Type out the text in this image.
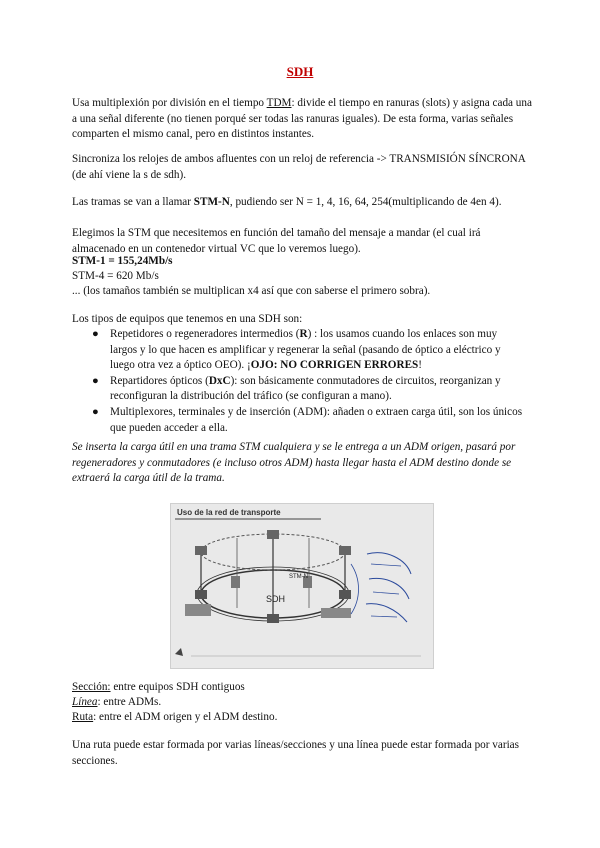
SDH
Usa multiplexión por división en el tiempo TDM: divide el tiempo en ranuras (slots) y asigna cada una a una señal diferente (no tienen porqué ser todas las ranuras iguales). De esta forma, varias señales comparten el mismo canal, pero en distintos instantes.
Sincroniza los relojes de ambos afluentes con un reloj de referencia -> TRANSMISIÓN SÍNCRONA (de ahí viene la s de sdh).
Las tramas se van a llamar STM-N, pudiendo ser N = 1, 4, 16, 64, 254(multiplicando de 4en 4).
Elegimos la STM que necesitemos en función del tamaño del mensaje a mandar (el cual irá almacenado en un contenedor virtual VC que lo veremos luego).
STM-1 = 155,24Mb/s
STM-4 = 620 Mb/s
... (los tamaños también se multiplican x4 así que con saberse el primero sobra).
Los tipos de equipos que tenemos en una SDH son:
● Repetidores o regeneradores intermedios (R) : los usamos cuando los enlaces son muy largos y lo que hacen es amplificar y regenerar la señal (pasando de óptico a eléctrico y luego otra vez a óptico OEO). ¡OJO: NO CORRIGEN ERRORES!
● Repartidores ópticos (DxC): son básicamente conmutadores de circuitos, reorganizan y reconfiguran la distribución del tráfico (se configuran a mano).
● Multiplexores, terminales y de inserción (ADM): añaden o extraen carga útil, son los únicos que pueden acceder a ella.
Se inserta la carga útil en una trama STM cualquiera y se le entrega a un ADM origen, pasará por regeneradores y conmutadores (e incluso otros ADM) hasta llegar hasta el ADM destino donde se extraerá la carga útil de la trama.
Uso de la red de transporte
SDH
STM-N
Sección: entre equipos SDH contiguos
Línea: entre ADMs.
Ruta: entre el ADM origen y el ADM destino.
Una ruta puede estar formada por varias líneas/secciones y una línea puede estar formada por varias secciones.
